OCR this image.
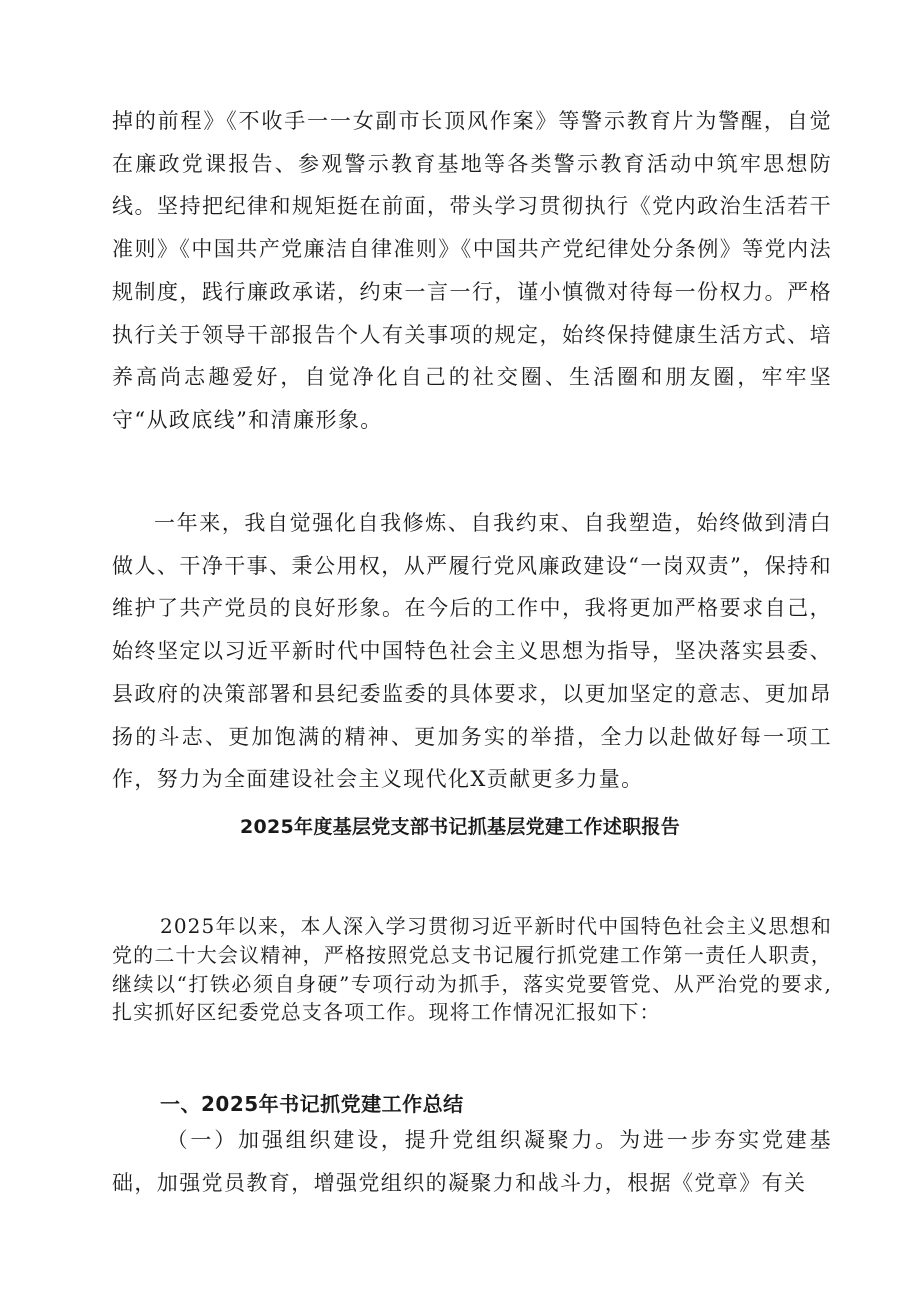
掉的前程》《不收手一一女副市长顶风作案》等警示教育片为警醒，自觉在廉政党课报告、参观警示教育基地等各类警示教育活动中筑牢思想防线。坚持把纪律和规矩挺在前面，带头学习贯彻执行《党内政治生活若干准则》《中国共产党廉洁自律准则》《中国共产党纪律处分条例》等党内法规制度，践行廉政承诺，约束一言一行，谨小慎微对待每一份权力。严格执行关于领导干部报告个人有关事项的规定，始终保持健康生活方式、培养高尚志趣爱好，自觉净化自己的社交圈、生活圈和朋友圈，牢牢坚守“从政底线”和清廉形象。

一年来，我自觉强化自我修炼、自我约束、自我塑造，始终做到清白做人、干净干事、秉公用权，从严履行党风廉政建设“一岗双责”，保持和维护了共产党员的良好形象。在今后的工作中，我将更加严格要求自己，始终坚定以习近平新时代中国特色社会主义思想为指导，坚决落实县委、县政府的决策部署和县纪委监委的具体要求，以更加坚定的意志、更加昂扬的斗志、更加饱满的精神、更加务实的举措，全力以赴做好每一项工作，努力为全面建设社会主义现代化X贡献更多力量。

2025年度基层党支部书记抓基层党建工作述职报告

2025年以来，本人深入学习贯彻习近平新时代中国特色社会主义思想和党的二十大会议精神，严格按照党总支书记履行抓党建工作第一责任人职责，继续以“打铁必须自身硬”专项行动为抓手，落实党要管党、从严治党的要求,扎实抓好区纪委党总支各项工作。现将工作情况汇报如下：

一、2025年书记抓党建工作总结

（一）加强组织建设，提升党组织凝聚力。为进一步夯实党建基础，加强党员教育，增强党组织的凝聚力和战斗力，根据《党章》有关
